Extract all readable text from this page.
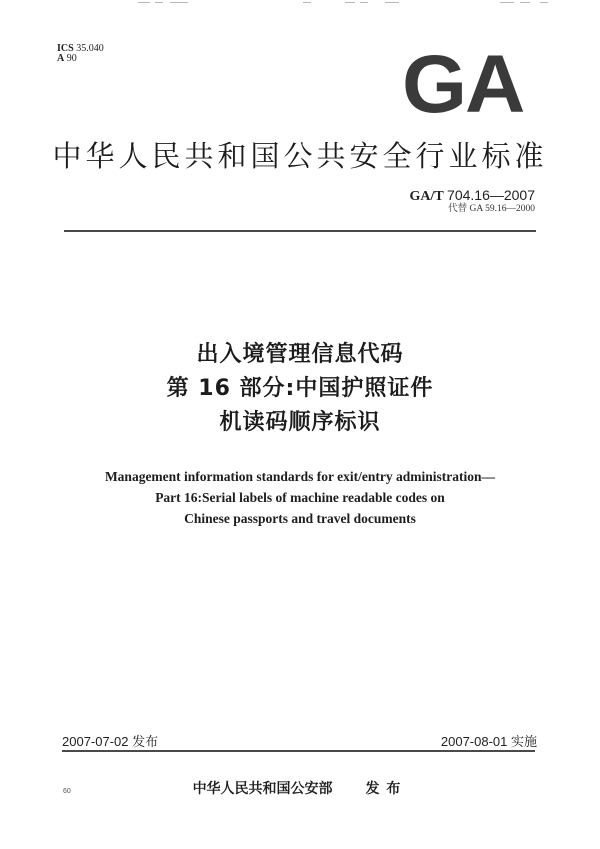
ICS 35.040
A 90	GA
中华人民共和国公共安全行业标准
GA/T 704.16—2007
代替 GA 59.16—2000
出入境管理信息代码
第 16 部分:中国护照证件
机读码顺序标识
Management information standards for exit/entry administration—
Part 16:Serial labels of machine readable codes on
Chinese passports and travel documents
2007-07-02 发布	2007-08-01 实施
60	中华人民共和国公安部 发布
